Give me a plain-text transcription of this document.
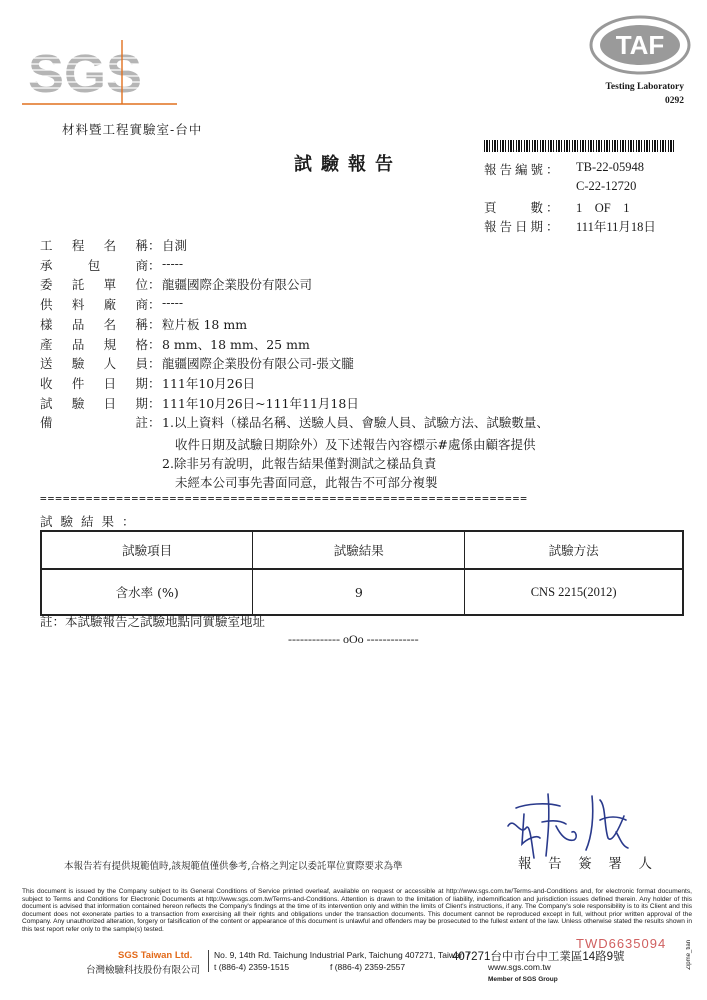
SGS
材料暨工程實驗室-台中
TAF
Testing Laboratory
0292
試驗報告	報告編號：	TB-22-05948
C-22-12720
頁　　數：	1　OF　1
報告日期：	111年11月18日
工 程 名 稱 ： 自測
承	包	商 ： -----
委 託 單 位 ： 龍疆國際企業股份有限公司
供 料 廠 商 ： -----
樣 品 名 稱 ： 粒片板 18 mm
產 品 規 格 ： 8 mm、18 mm、25 mm
送 驗 人 員 ： 龍疆國際企業股份有限公司-張文朧
收 件 日 期 ： 111年10月26日
試 驗 日 期 ： 111年10月26日~111年11月18日
備	註 ： 1.以上資料（樣品名稱、送驗人員、會驗人員、試驗方法、試驗數量、
收件日期及試驗日期除外）及下述報告內容標示#處係由顧客提供
2.除非另有說明，此報告結果僅對測試之樣品負責
未經本公司事先書面同意，此報告不可部分複製
================================================================
試驗結果：
試驗項目	試驗結果	試驗方法
含水率 (%)	9	CNS 2215(2012)
註：本試驗報告之試驗地點同實驗室地址
------------- oOo -------------
本報告若有提供規範值時,該規範值僅供參考,合格之判定以委託單位實際要求為準	報 告 簽 署 人
This document is issued by the Company subject to its General Conditions of Service printed overleaf, available on request or accessible at http://www.sgs.com.tw/Terms-and-Conditions and, for electronic format documents, subject to Terms and Conditions for Electronic Documents at http://www.sgs.com.tw/Terms-and-Conditions. Attention is drawn to the limitation of liability, indemnification and jurisdiction issues defined therein. Any holder of this document is advised that information contained hereon reflects the Company's findings at the time of its intervention only and within the limits of Client's instructions, if any. The Company's sole responsibility is to its Client and this document does not exonerate parties to a transaction from exercising all their rights and obligations under the transaction documents. This document cannot be reproduced except in full, without prior written approval of the Company. Any unauthorized alteration, forgery or falsification of the content or appearance of this document is unlawful and offenders may be prosecuted to the fullest extent of the law. Unless otherwise stated the results shown in this test report refer only to the sample(s) tested.
TWD6635094
SGS Taiwan Ltd.
台灣檢驗科技股份有限公司
No. 9, 14th Rd. Taichung Industrial Park, Taichung 407271, Taiwan /
407271台中市台中工業區14路9號
t (886-4) 2359-1515	f (886-4) 2359-2557	www.sgs.com.tw
Member of SGS Group
Zipme_tian
